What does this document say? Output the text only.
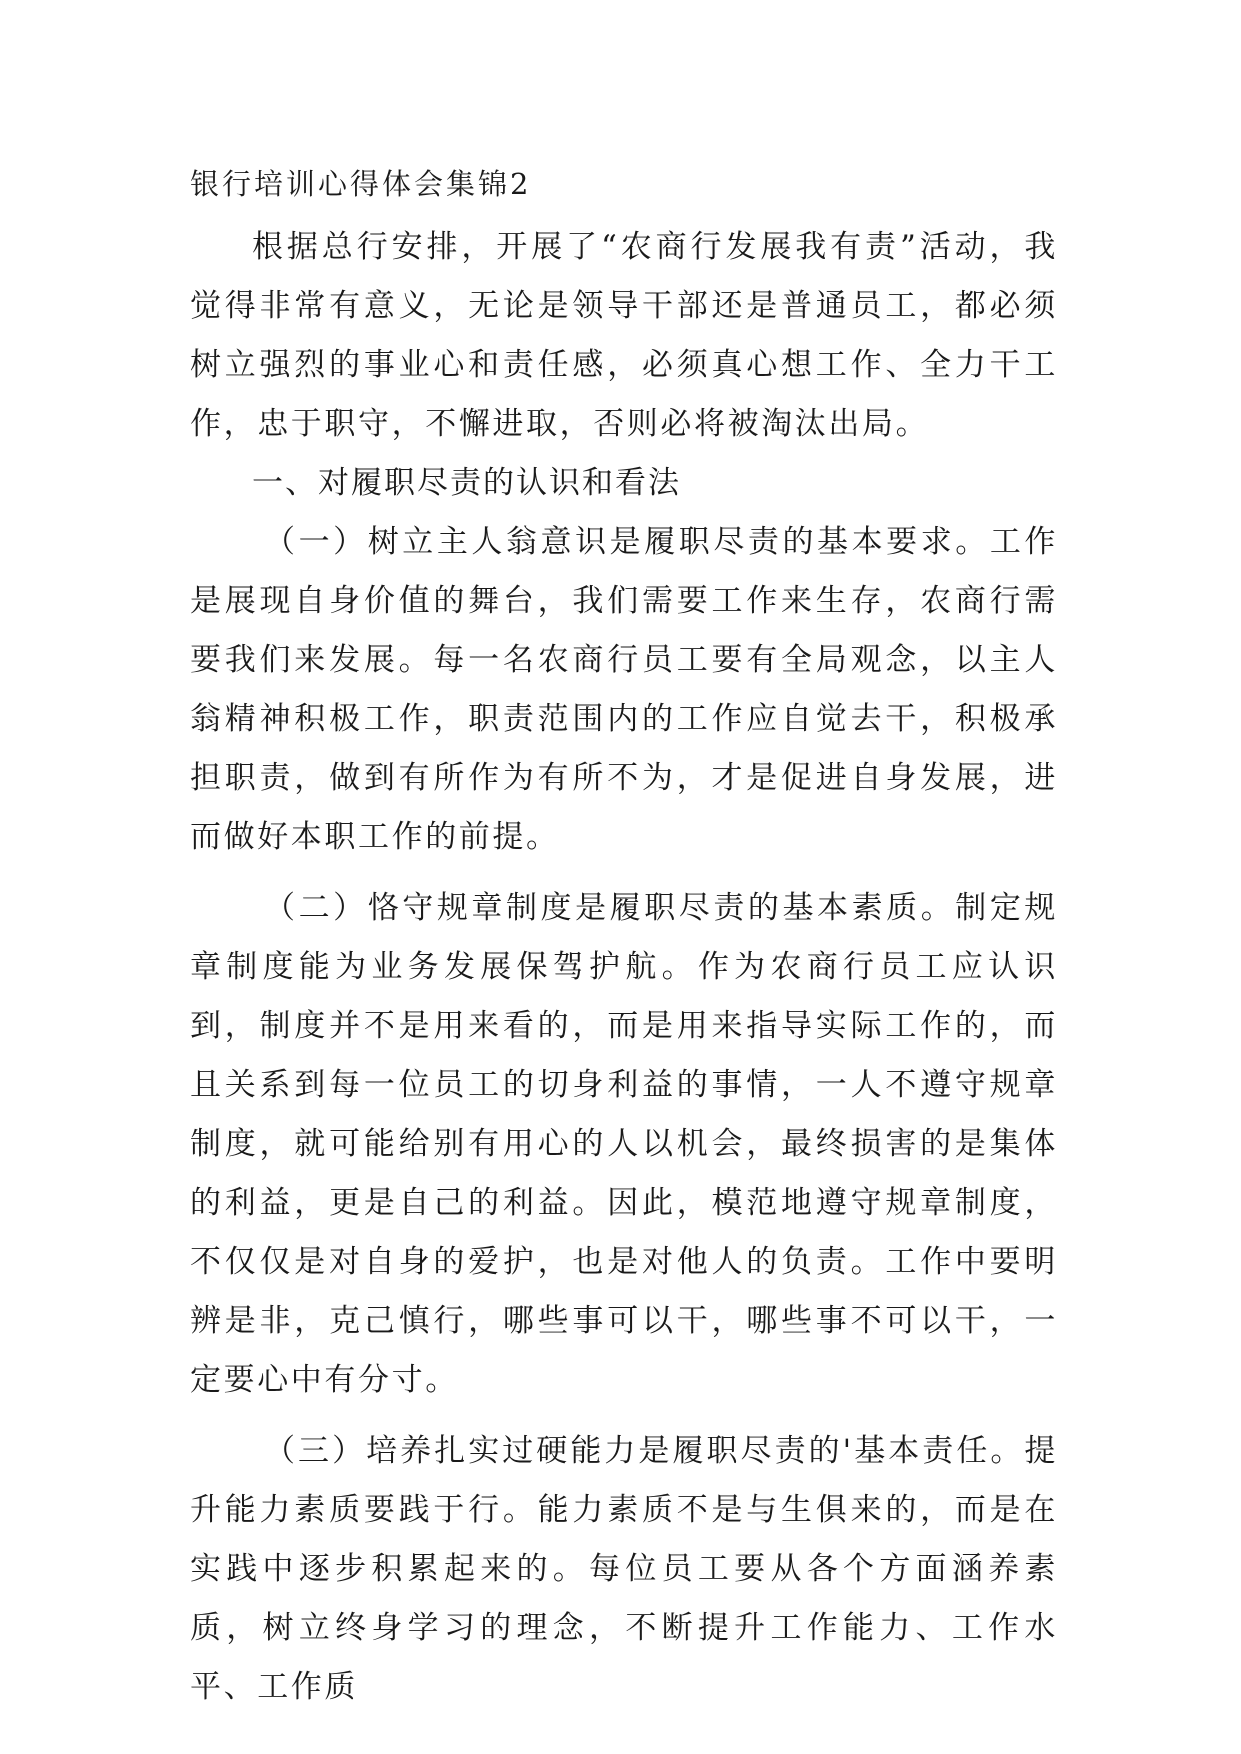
银行培训心得体会集锦2

根据总行安排，开展了“农商行发展我有责”活动，我觉得非常有意义，无论是领导干部还是普通员工，都必须树立强烈的事业心和责任感，必须真心想工作、全力干工作，忠于职守，不懈进取，否则必将被淘汰出局。

一、对履职尽责的认识和看法

（一）树立主人翁意识是履职尽责的基本要求。工作是展现自身价值的舞台，我们需要工作来生存，农商行需要我们来发展。每一名农商行员工要有全局观念，以主人翁精神积极工作，职责范围内的工作应自觉去干，积极承担职责，做到有所作为有所不为，才是促进自身发展，进而做好本职工作的前提。

（二）恪守规章制度是履职尽责的基本素质。制定规章制度能为业务发展保驾护航。作为农商行员工应认识到，制度并不是用来看的，而是用来指导实际工作的，而且关系到每一位员工的切身利益的事情，一人不遵守规章制度，就可能给别有用心的人以机会，最终损害的是集体的利益，更是自己的利益。因此，模范地遵守规章制度，不仅仅是对自身的爱护，也是对他人的负责。工作中要明辨是非，克己慎行，哪些事可以干，哪些事不可以干，一定要心中有分寸。

（三）培养扎实过硬能力是履职尽责的'基本责任。提升能力素质要践于行。能力素质不是与生俱来的，而是在实践中逐步积累起来的。每位员工要从各个方面涵养素质，树立终身学习的理念，不断提升工作能力、工作水平、工作质
